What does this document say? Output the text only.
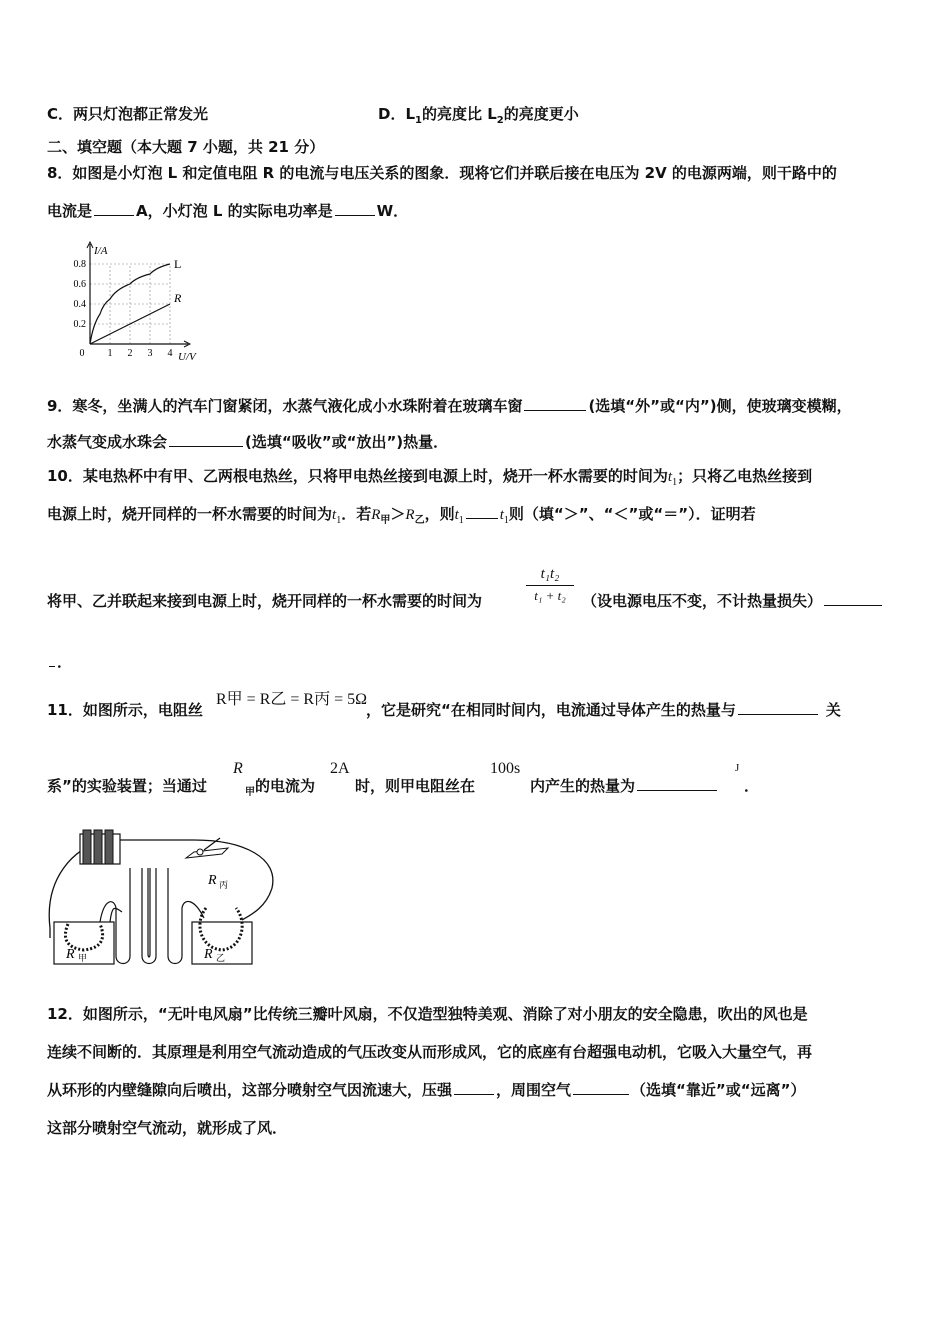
C．两只灯泡都正常发光	D．$L_1$的亮度比 $L_2$的亮度更小
二、填空题（本大题 7 小题，共 21 分）
8．如图是小灯泡 L 和定值电阻 R 的电流与电压关系的图象．现将它们并联后接在电压为 2V 的电源两端，则干路中的
电流是	A，小灯泡 L 的实际电功率是	W．
0.2
0.4
0.6
0.8
0 1 2 3 4
I/A
U/V
L
R
9．寒冬，坐满人的汽车门窗紧闭，水蒸气液化成小水珠附着在玻璃车窗	(选填“外”或“内”)侧，使玻璃变模糊，
水蒸气变成水珠会	(选填“吸收”或“放出”)热量．
10．某电热杯中有甲、乙两根电热丝，只将甲电热丝接到电源上时，烧开一杯水需要的时间为$t_1$；只将乙电热丝接到
电源上时，烧开同样的一杯水需要的时间为$t_1$．若$R_甲>R_乙$，则$t_1$ $t_1$则（填“＞”、“＜”或“＝”）．证明若
t₁t₂
t₁ + t₂
将甲、乙并联起来接到电源上时，烧开同样的一杯水需要的时间为	（设电源电压不变，不计热量损失）
．
11．如图所示，电阻丝
R甲 = R乙 = R丙 = 5Ω
，它是研究“在相同时间内，电流通过导体产生的热量与	关
系”的实验装置；当通过
R
$_甲$的电流为
2A
时，则甲电阻丝在
100s
内产生的热量为
J
．
R 丙
R 甲	R 乙
12．如图所示，“无叶电风扇”比传统三瓣叶风扇，不仅造型独特美观、消除了对小朋友的安全隐患，吹出的风也是
连续不间断的．其原理是利用空气流动造成的气压改变从而形成风，它的底座有台超强电动机，它吸入大量空气，再
从环形的内壁缝隙向后喷出，这部分喷射空气因流速大，压强	，周围空气	（选填“靠近”或“远离”）
这部分喷射空气流动，就形成了风．
